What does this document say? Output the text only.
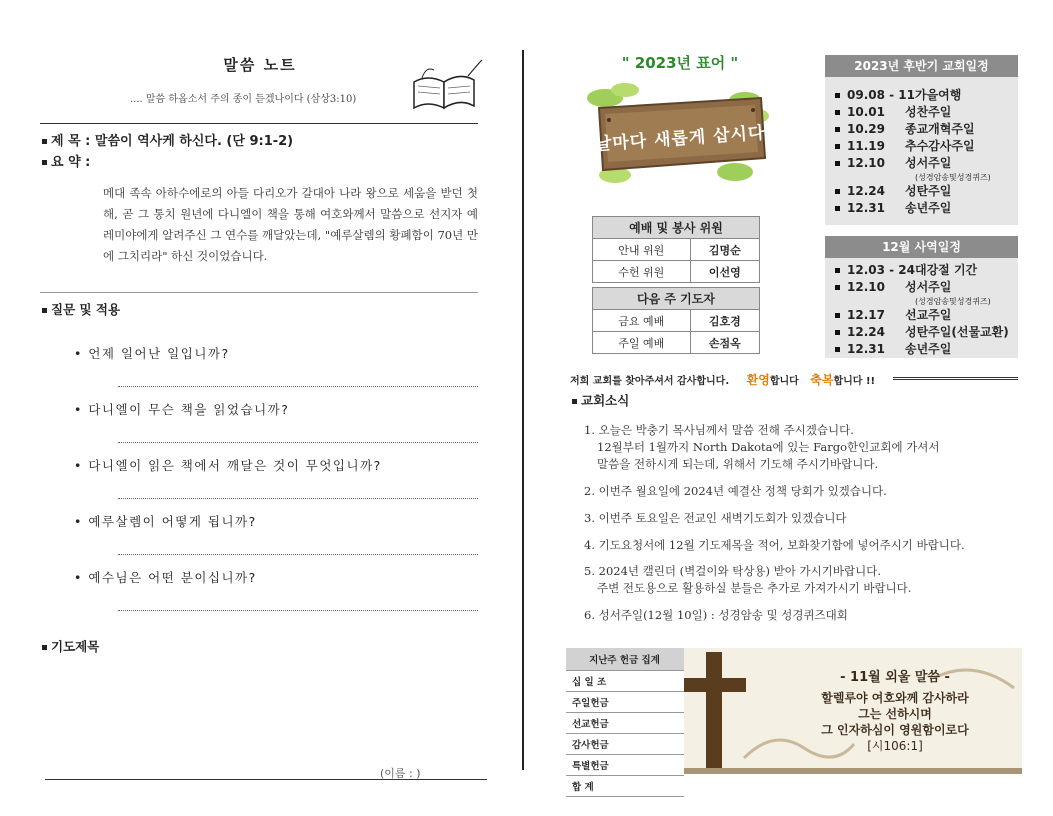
말씀 노트
.... 말씀 하옵소서 주의 종이 듣겠나이다 (삼상3:10)
제 목 : 말씀이 역사케 하신다. (단 9:1-2)
요 약 :
메대 족속 아하수에로의 아들 다리오가 갈대아 나라 왕으로 세움을 받던 첫 해, 곧 그 통치 원년에 다니엘이 책을 통해 여호와께서 말씀으로 선지자 예레미야에게 알려주신 그 연수를 깨달았는데, "예루살렘의 황폐함이 70년 만에 그치리라" 하신 것이었습니다.
질문 및 적용
• 언제 일어난 일입니까?
• 다니엘이 무슨 책을 읽었습니까?
• 다니엘이 읽은 책에서 깨달은 것이 무엇입니까?
• 예루살렘이 어떻게 됩니까?
• 예수님은 어떤 분이십니까?
기도제목
(이름 : )
" 2023년 표어 "
날마다 새롭게 삽시다
예배 및 봉사 위원	
안내 위원	김명순
수헌 위원	이선영
다음 주 기도자	
금요 예배	김호경
주일 예배	손점옥
2023년 후반기 교회일정
09.08 - 11가을여행
10.01 성찬주일
10.29 종교개혁주일
11.19 추수감사주일
12.10 성서주일
(성경암송및성경퀴즈)
12.24 성탄주일
12.31 송년주일
12월 사역일정
12.03 - 24대강절 기간
12.10 성서주일
(성경암송및성경퀴즈)
12.17 선교주일
12.24 성탄주일(선물교환)
12.31 송년주일
저희 교회를 찾아주셔서 감사합니다. 환영합니다 축복합니다 !!
교회소식
1. 오늘은 박충기 목사님께서 말씀 전해 주시겠습니다.
12월부터 1월까지 North Dakota에 있는 Fargo한인교회에 가셔서
말씀을 전하시게 되는데, 위해서 기도해 주시기바랍니다.
2. 이번주 월요일에 2024년 예결산 정책 당회가 있겠습니다.
3. 이번주 토요일은 전교인 새벽기도회가 있겠습니다
4. 기도요청서에 12월 기도제목을 적어, 보화찾기함에 넣어주시기 바랍니다.
5. 2024년 캘린더 (벽걸이와 탁상용) 받아 가시기바랍니다.
주변 전도용으로 활용하실 분들은 추가로 가져가시기 바랍니다.
6. 성서주일(12월 10일) : 성경암송 및 성경퀴즈대회
지난주 헌금 집계
십 일 조
주일헌금
선교헌금
감사헌금
특별헌금
합 계
- 11월 외울 말씀 -
할렐루야 여호와께 감사하라
그는 선하시며
그 인자하심이 영원함이로다
[시106:1]
